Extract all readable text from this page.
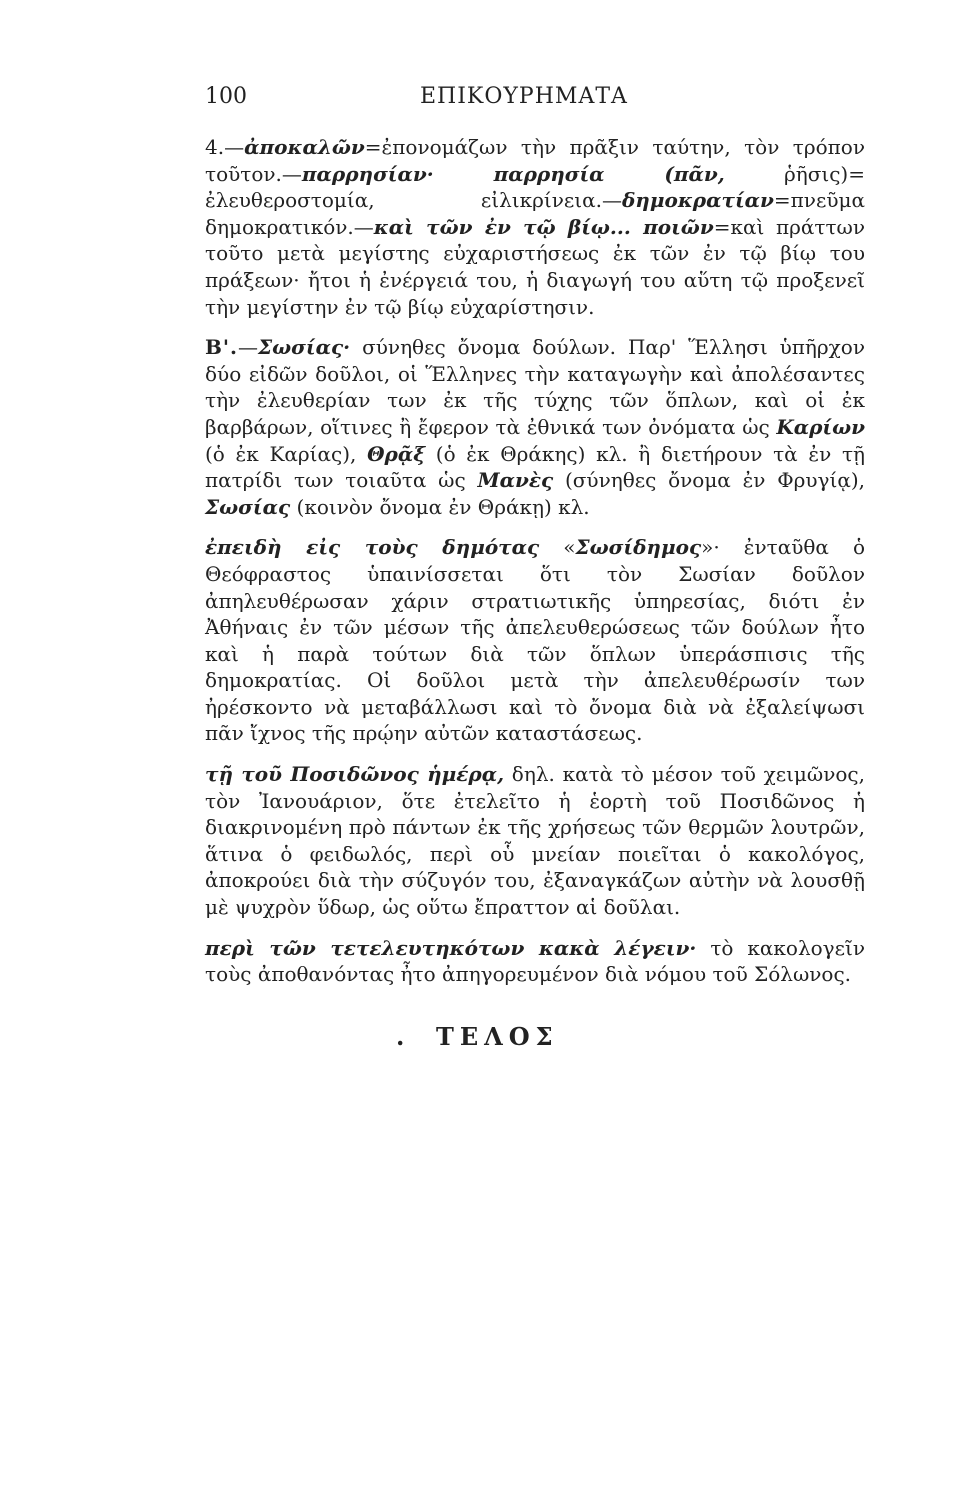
100	ΕΠΙΚΟΥΡΗΜΑΤΑ

4.—ἀποκαλῶν=ἐπονομάζων τὴν πρᾶξιν ταύτην, τὸν τρόπον τοῦτον.—παρρησίαν· παρρησία (πᾶν, ῥῆσις)= ἐλευθεροστομία, εἰλικρίνεια.—δημοκρατίαν=πνεῦμα δημοκρατικόν.—καὶ τῶν ἐν τῷ βίῳ... ποιῶν=καὶ πράττων τοῦτο μετὰ μεγίστης εὐχαριστήσεως ἐκ τῶν ἐν τῷ βίῳ του πράξεων· ἤτοι ἡ ἐνέργειά του, ἡ διαγωγή του αὕτη τῷ προξενεῖ τὴν μεγίστην ἐν τῷ βίῳ εὐχαρίστησιν.

Β'.—Σωσίας· σύνηθες ὄνομα δούλων. Παρ' Ἕλλησι ὑπῆρχον δύο εἰδῶν δοῦλοι, οἱ Ἕλληνες τὴν καταγωγὴν καὶ ἀπολέσαντες τὴν ἐλευθερίαν των ἐκ τῆς τύχης τῶν ὅπλων, καὶ οἱ ἐκ βαρβάρων, οἵτινες ἢ ἔφερον τὰ ἐθνικά των ὀνόματα ὡς Καρίων (ὁ ἐκ Καρίας), Θρᾷξ (ὁ ἐκ Θράκης) κλ. ἢ διετήρουν τὰ ἐν τῇ πατρίδι των τοιαῦτα ὡς Μανὲς (σύνηθες ὄνομα ἐν Φρυγίᾳ), Σωσίας (κοινὸν ὄνομα ἐν Θράκῃ) κλ.

ἐπειδὴ εἰς τοὺς δημότας «Σωσίδημος»· ἐνταῦθα ὁ Θεόφραστος ὑπαινίσσεται ὅτι τὸν Σωσίαν δοῦλον ἀπηλευθέρωσαν χάριν στρατιωτικῆς ὑπηρεσίας, διότι ἐν Ἀθήναις ἐν τῶν μέσων τῆς ἀπελευθερώσεως τῶν δούλων ἦτο καὶ ἡ παρὰ τούτων διὰ τῶν ὅπλων ὑπεράσπισις τῆς δημοκρατίας. Οἱ δοῦλοι μετὰ τὴν ἀπελευθέρωσίν των ἠρέσκοντο νὰ μεταβάλλωσι καὶ τὸ ὄνομα διὰ νὰ ἐξαλείψωσι πᾶν ἴχνος τῆς πρῴην αὐτῶν καταστάσεως.

τῇ τοῦ Ποσιδῶνος ἡμέρᾳ, δηλ. κατὰ τὸ μέσον τοῦ χειμῶνος, τὸν Ἰανουάριον, ὅτε ἐτελεῖτο ἡ ἑορτὴ τοῦ Ποσιδῶνος ἡ διακρινομένη πρὸ πάντων ἐκ τῆς χρήσεως τῶν θερμῶν λουτρῶν, ἅτινα ὁ φειδωλός, περὶ οὗ μνείαν ποιεῖται ὁ κακολόγος, ἀποκρούει διὰ τὴν σύζυγόν του, ἐξαναγκάζων αὐτὴν νὰ λουσθῇ μὲ ψυχρὸν ὕδωρ, ὡς οὕτω ἔπραττον αἱ δοῦλαι.

περὶ τῶν τετελευτηκότων κακὰ λέγειν· τὸ κακολογεῖν τοὺς ἀποθανόντας ἦτο ἀπηγορευμένον διὰ νόμου τοῦ Σόλωνος.

. ΤΕΛΟΣ
